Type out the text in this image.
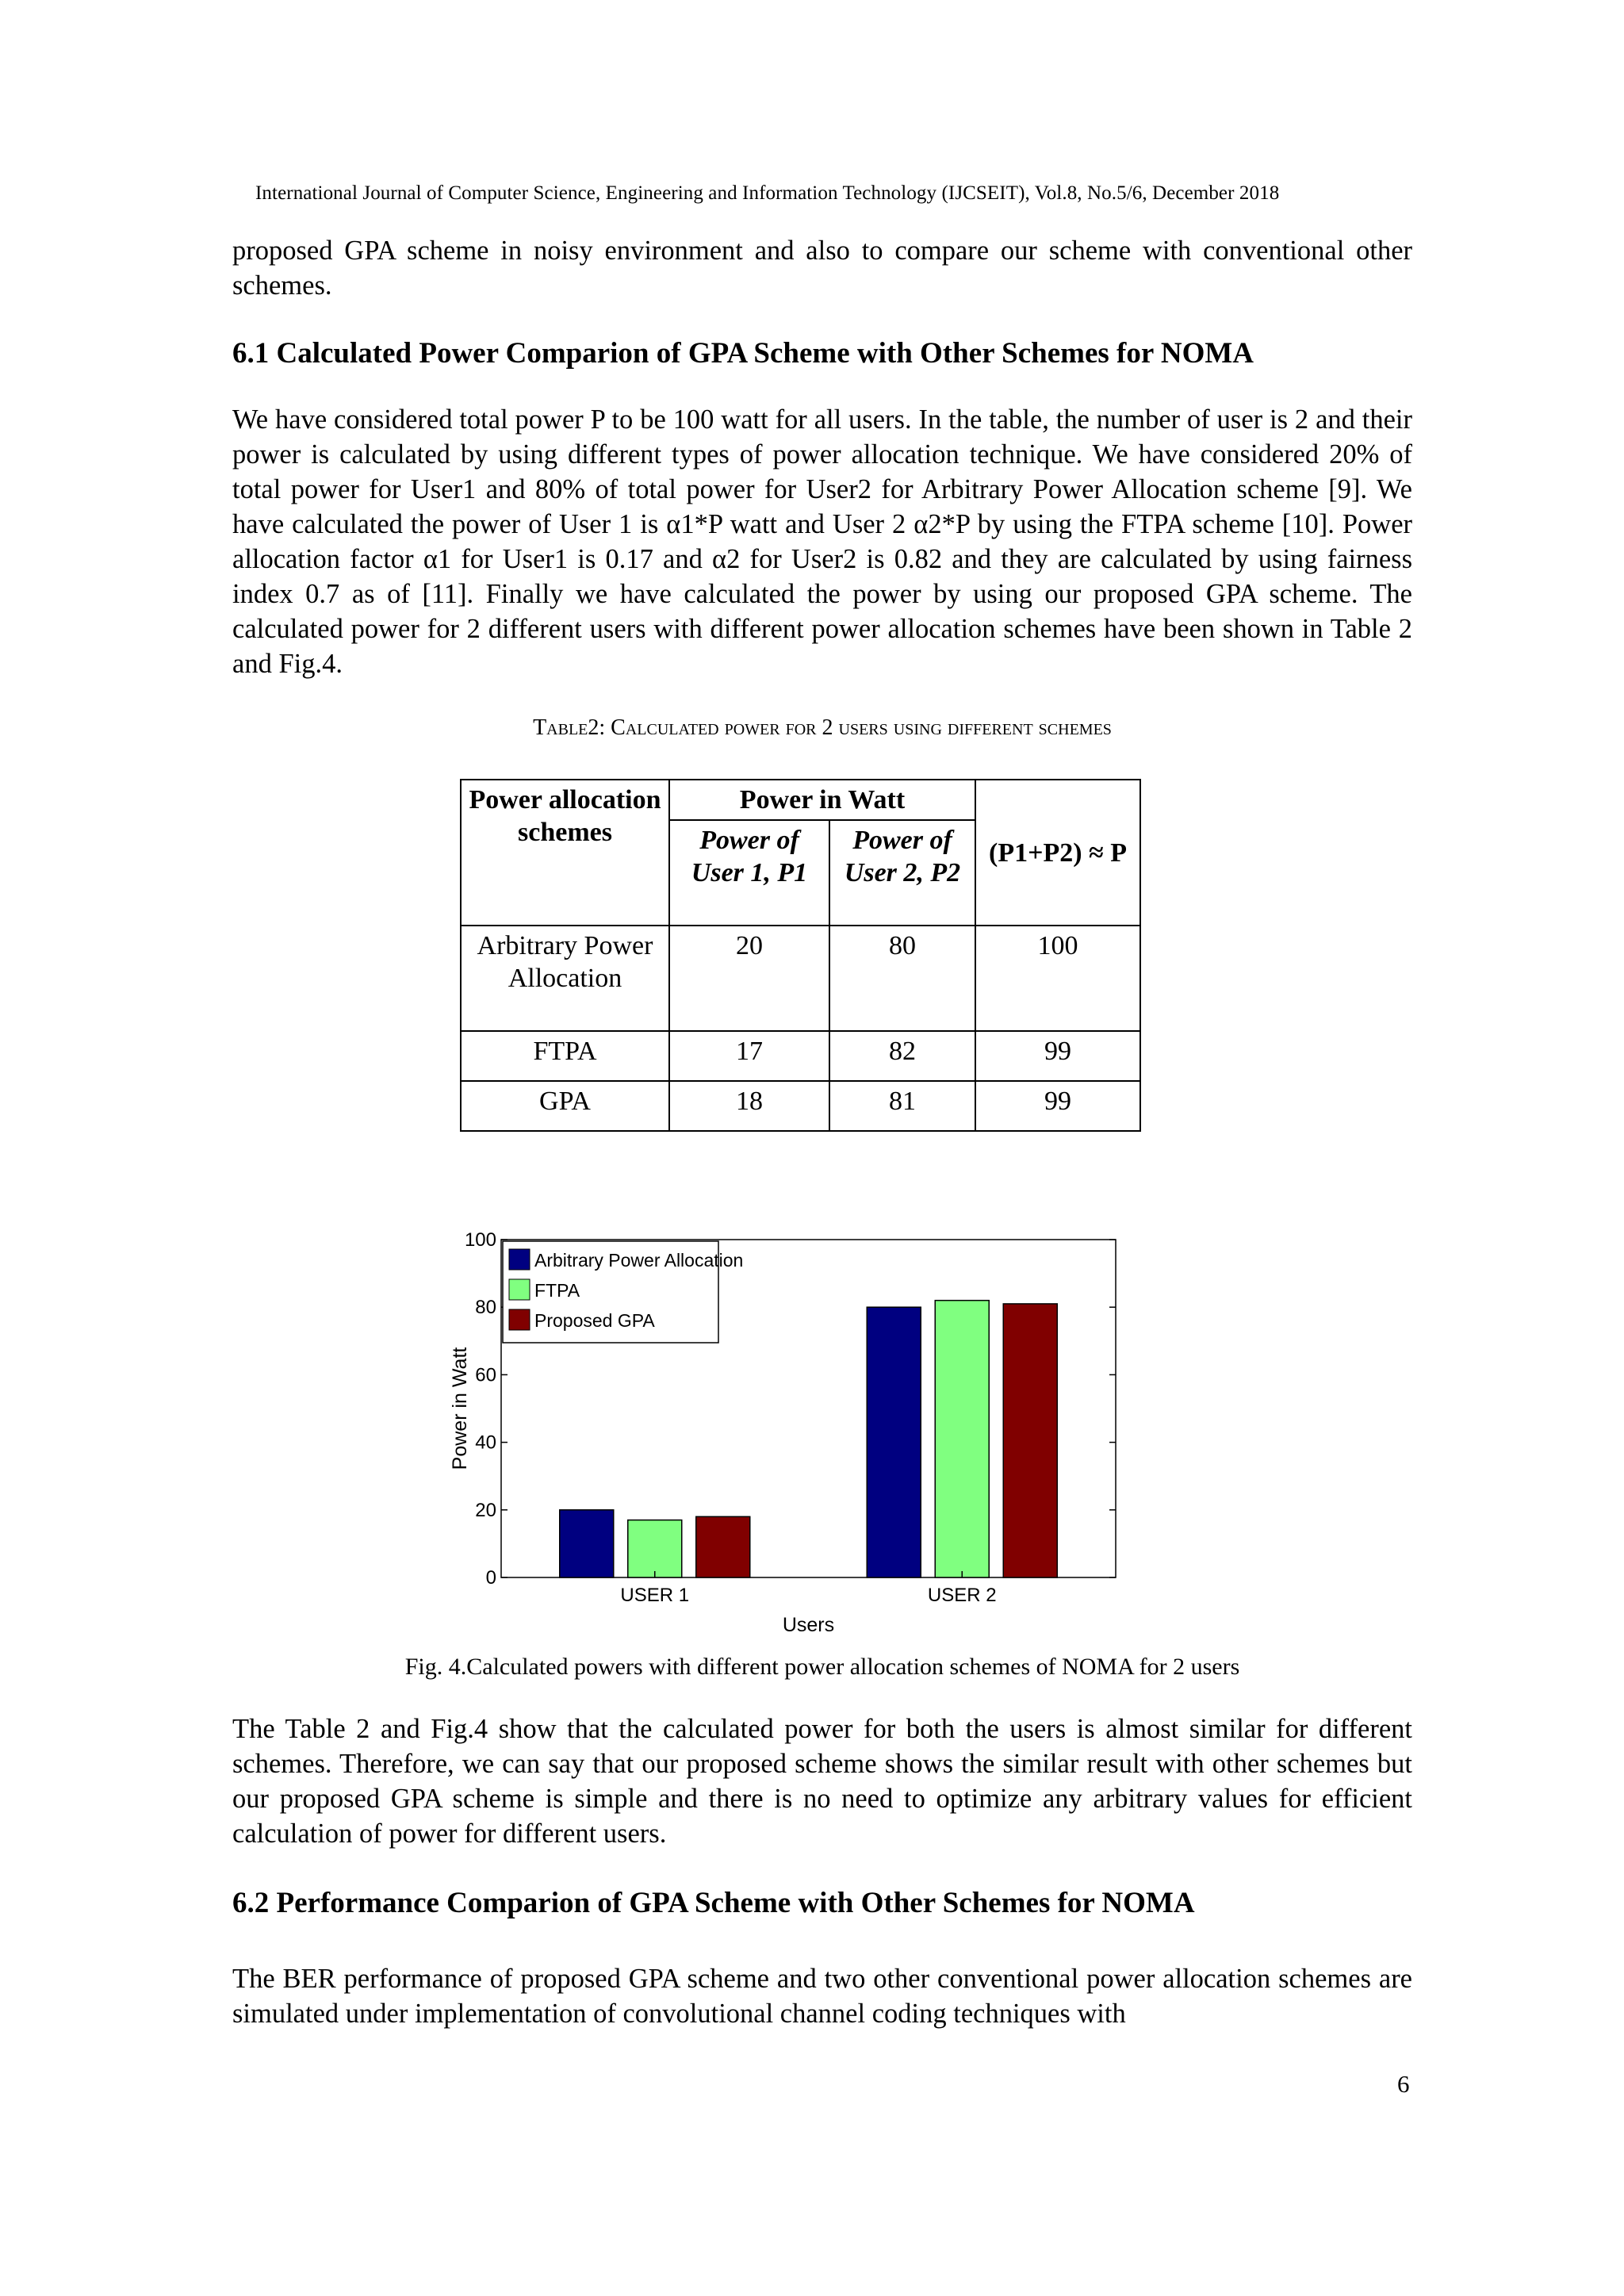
International Journal of Computer Science, Engineering and Information Technology (IJCSEIT), Vol.8, No.5/6, December 2018
proposed GPA scheme in noisy environment and also to compare our scheme with conventional other schemes.
6.1 Calculated Power Comparion of GPA Scheme with Other Schemes for NOMA
We have considered total power P to be 100 watt for all users. In the table, the number of user is 2 and their power is calculated by using different types of power allocation technique. We have considered 20% of total power for User1 and 80% of total power for User2 for Arbitrary Power Allocation scheme [9]. We have calculated the power of User 1 is α1*P watt and User 2 α2*P by using the FTPA scheme [10]. Power allocation factor α1 for User1 is 0.17 and α2 for User2 is 0.82 and they are calculated by using fairness index 0.7 as of [11]. Finally we have calculated the power by using our proposed GPA scheme. The calculated power for 2 different users with different power allocation schemes have been shown in Table 2 and Fig.4.
Table2: Calculated power for 2 users using different schemes
Power allocation schemes	Power in Watt		(P1+P2) ≈ P
	Power of User 1, P1	Power of User 2, P2	
Arbitrary Power Allocation	20	80	100
FTPA	17	82	99
GPA	18	81	99
0
20
40
60
80
100
USER 1	USER 2
Users
Power in Watt
Arbitrary Power Allocation
FTPA
Proposed GPA
Fig. 4.Calculated powers with different power allocation schemes of NOMA for 2 users
The Table 2 and Fig.4 show that the calculated power for both the users is almost similar for different schemes. Therefore, we can say that our proposed scheme shows the similar result with other schemes but our proposed GPA scheme is simple and there is no need to optimize any arbitrary values for efficient calculation of power for different users.
6.2 Performance Comparion of GPA Scheme with Other Schemes for NOMA
The BER performance of proposed GPA scheme and two other conventional power allocation schemes are simulated under implementation of convolutional channel coding techniques with
6
